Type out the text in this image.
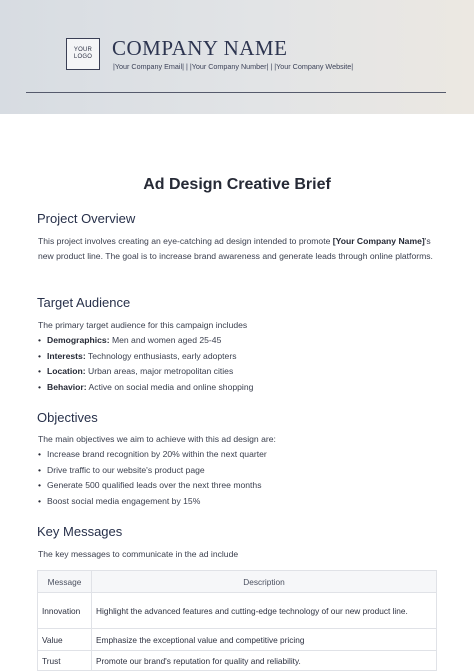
YOUR
LOGO COMPANY NAME
|Your Company Email| | |Your Company Number| | |Your Company Website|
Ad Design Creative Brief
Project Overview
This project involves creating an eye-catching ad design intended to promote [Your Company Name]'s new product line. The goal is to increase brand awareness and generate leads through online platforms.
Target Audience
The primary target audience for this campaign includes
• Demographics: Men and women aged 25-45
• Interests: Technology enthusiasts, early adopters
• Location: Urban areas, major metropolitan cities
• Behavior: Active on social media and online shopping
Objectives
The main objectives we aim to achieve with this ad design are:
• Increase brand recognition by 20% within the next quarter
• Drive traffic to our website's product page
• Generate 500 qualified leads over the next three months
• Boost social media engagement by 15%
Key Messages
The key messages to communicate in the ad include
Message	Description
Innovation	Highlight the advanced features and cutting-edge technology of our new product line.
Value	Emphasize the exceptional value and competitive pricing
Trust	Promote our brand's reputation for quality and reliability.
